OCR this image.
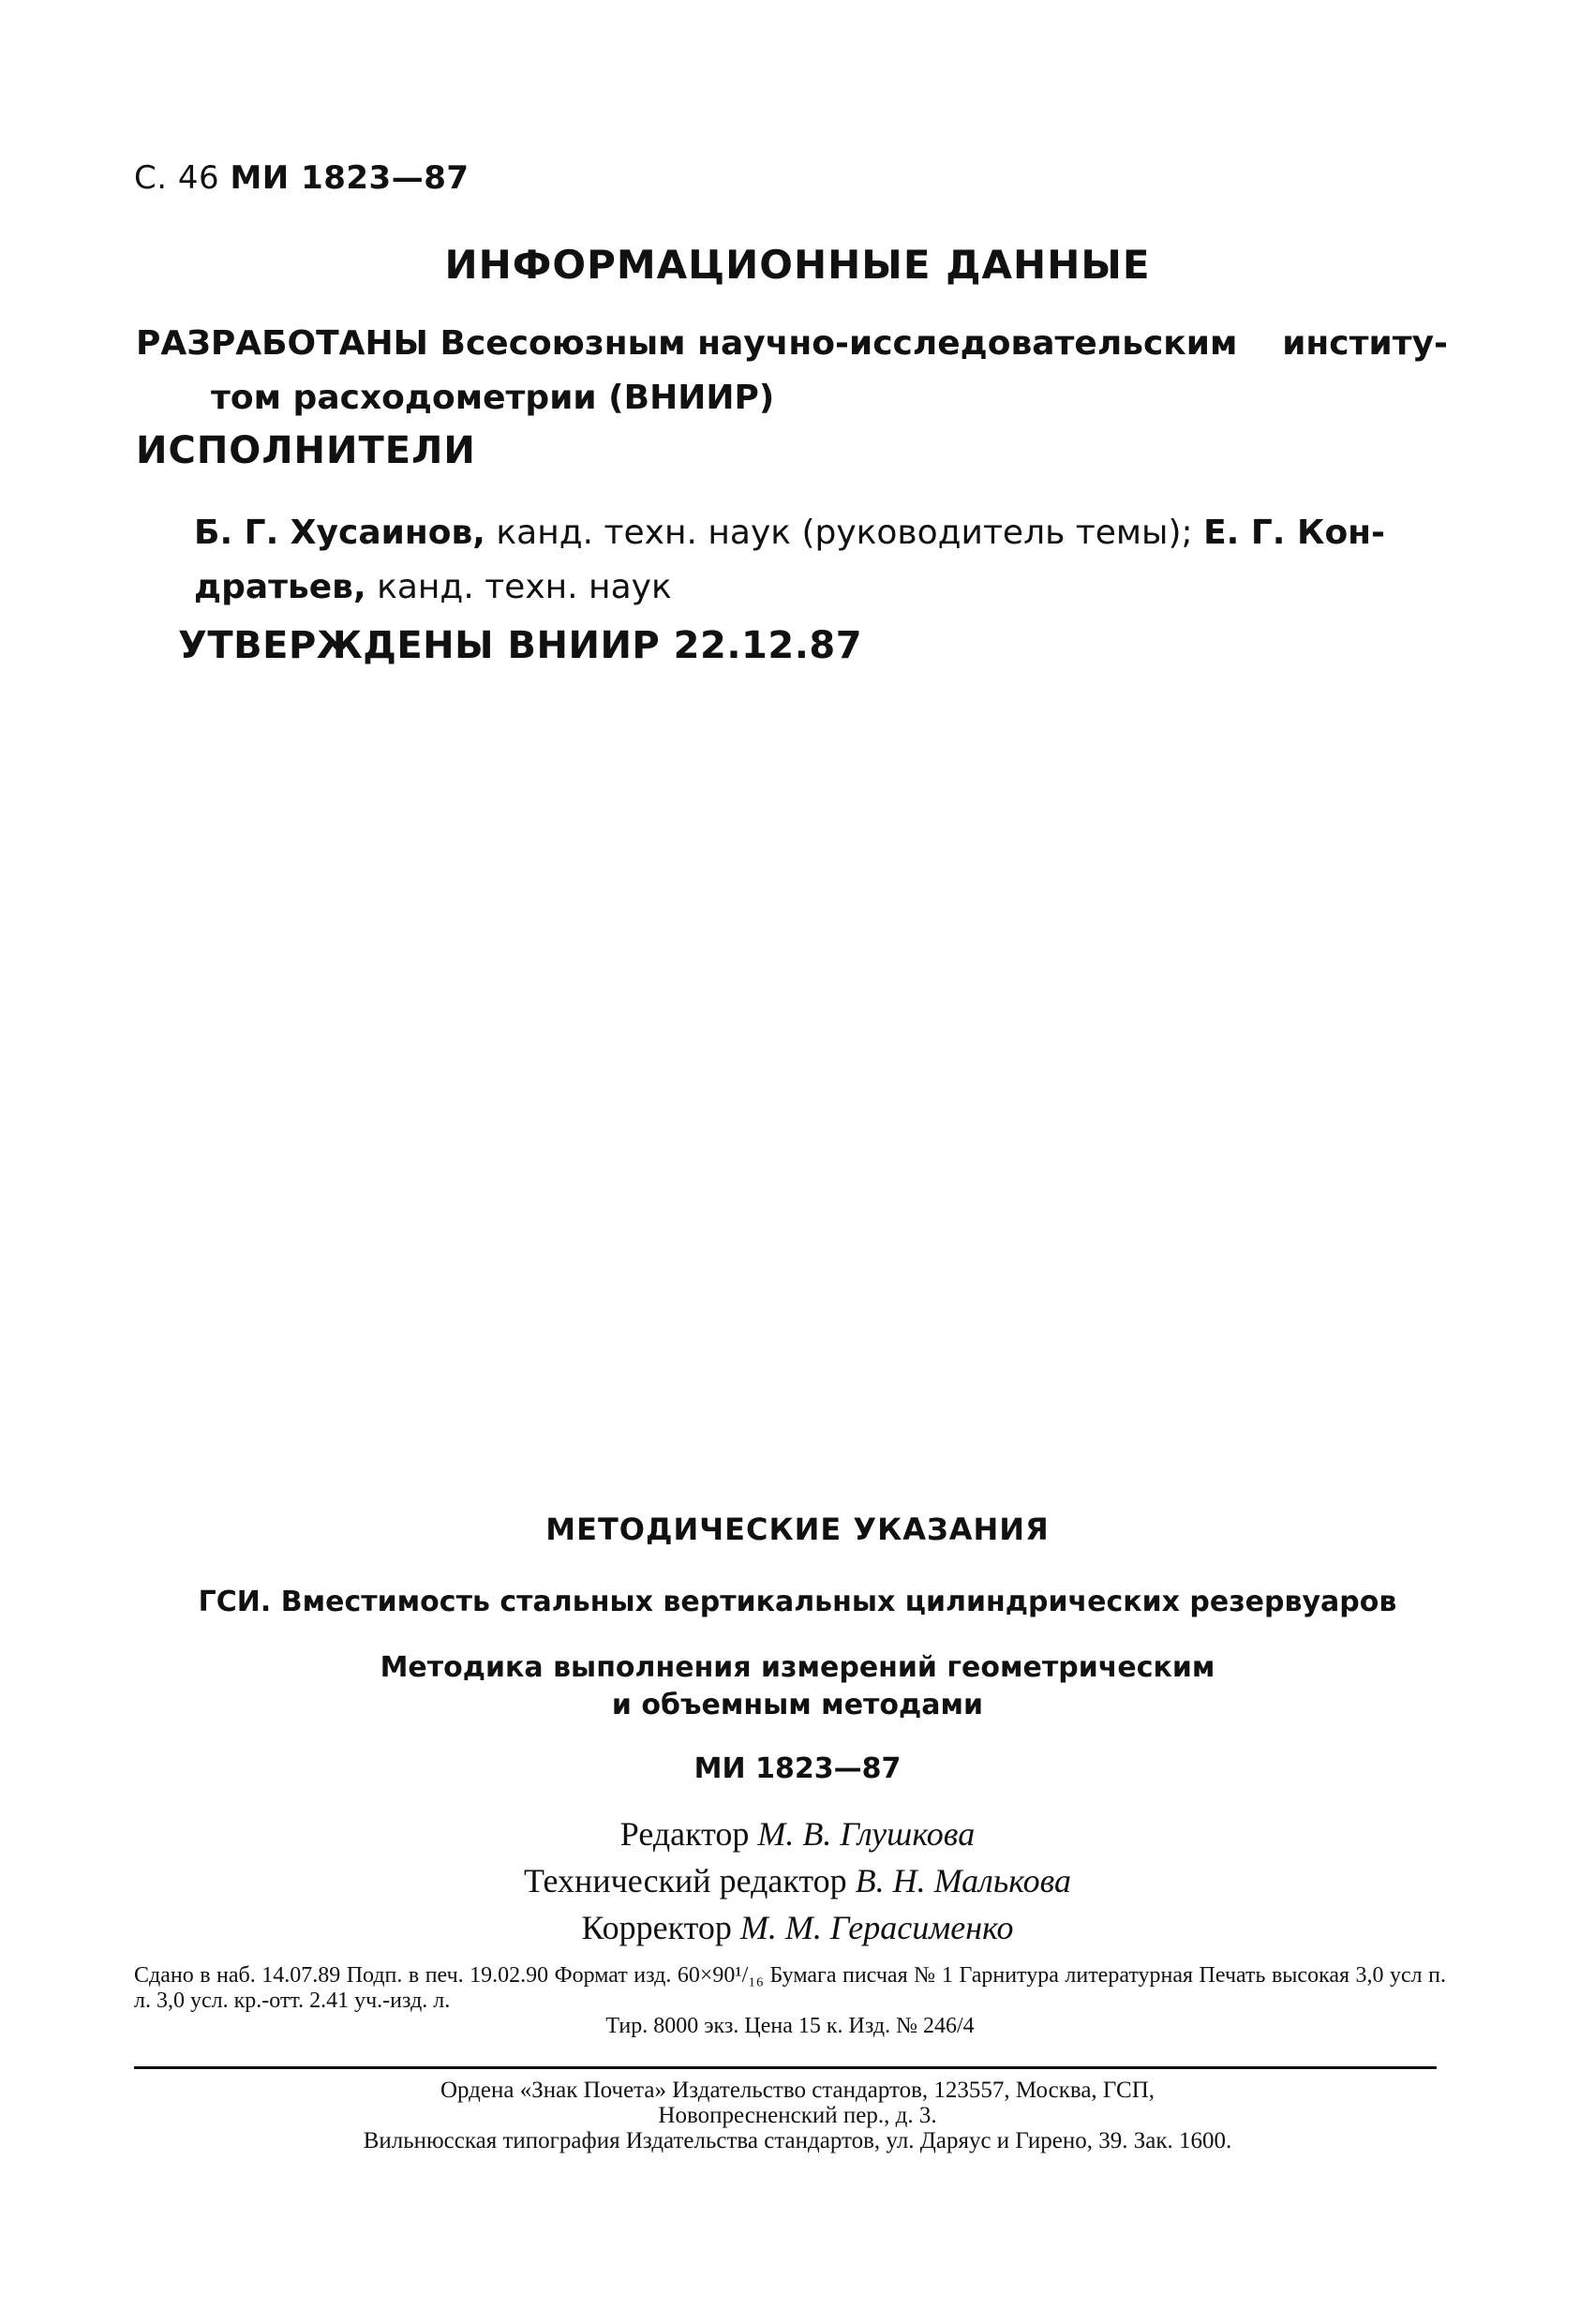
С. 46 МИ 1823—87
ИНФОРМАЦИОННЫЕ ДАННЫЕ
РАЗРАБОТАНЫ Всесоюзным научно-исследовательским институ-
том расходометрии (ВНИИР)
ИСПОЛНИТЕЛИ
Б. Г. Хусаинов, канд. техн. наук (руководитель темы); Е. Г. Кон-
дратьев, канд. техн. наук
УТВЕРЖДЕНЫ ВНИИР 22.12.87
МЕТОДИЧЕСКИЕ УКАЗАНИЯ
ГСИ. Вместимость стальных вертикальных цилиндрических резервуаров
Методика выполнения измерений геометрическим
и объемным методами
МИ 1823—87
Редактор М. В. Глушкова
Технический редактор В. Н. Малькова
Корректор М. М. Герасименко
Сдано в наб. 14.07.89 Подп. в печ. 19.02.90 Формат изд. 60×90¹/₁₆ Бумага писчая № 1 Гарнитура литературная Печать высокая 3,0 усл п. л. 3,0 усл. кр.-отт. 2.41 уч.-изд. л.
Тир. 8000 экз. Цена 15 к. Изд. № 246/4
Ордена «Знак Почета» Издательство стандартов, 123557, Москва, ГСП,
Новопресненский пер., д. 3.
Вильнюсская типография Издательства стандартов, ул. Даряус и Гирено, 39. Зак. 1600.
